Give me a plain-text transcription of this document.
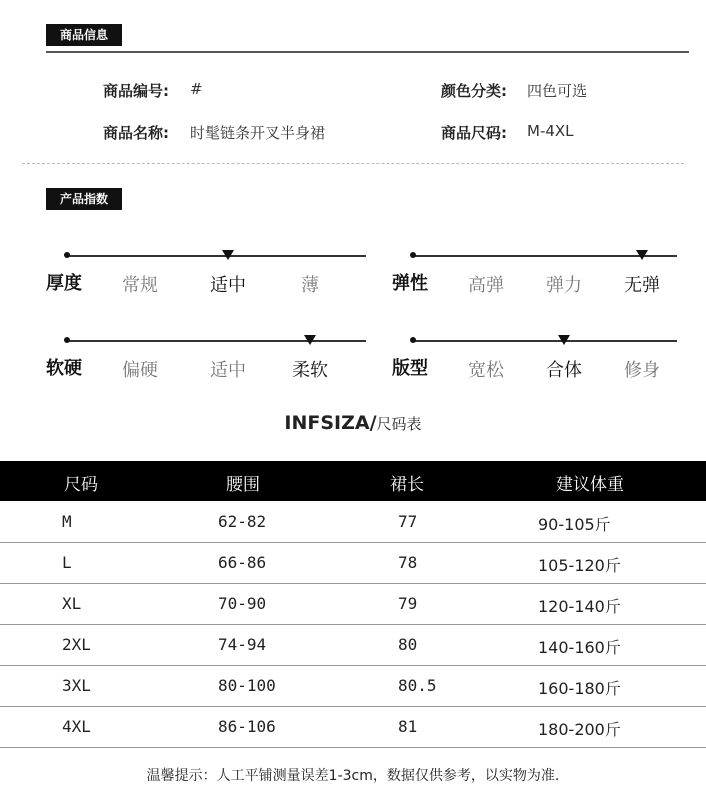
商品信息
商品编号: #	颜色分类: 四色可选
商品名称: 时髦链条开叉半身裙	商品尺码: M-4XL
产品指数
厚度 常规	适中	薄	弹性 高弹 弹力 无弹
软硬 偏硬	适中	柔软	版型 宽松 合体 修身
INFSIZA/尺码表
尺码	腰围	裙长	建议体重
M	62-82	77	90-105斤
L	66-86	78	105-120斤
XL	70-90	79	120-140斤
2XL	74-94	80	140-160斤
3XL	80-100	80.5	160-180斤
4XL	86-106	81	180-200斤
温馨提示：人工平铺测量误差1-3cm，数据仅供参考，以实物为准.
